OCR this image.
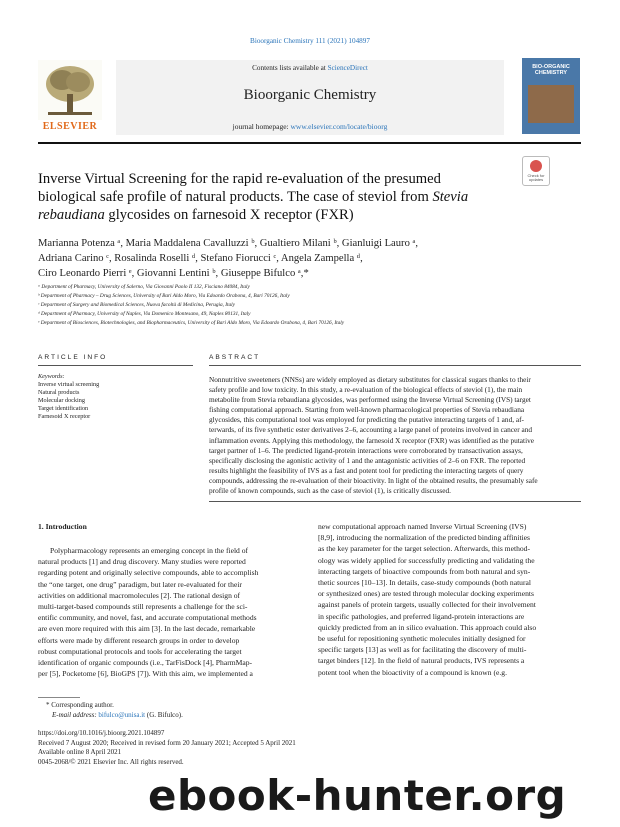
Bioorganic Chemistry 111 (2021) 104897
ELSEVIER
Contents lists available at ScienceDirect
Bioorganic Chemistry
journal homepage: www.elsevier.com/locate/bioorg
BIO-ORGANIC CHEMISTRY
Check for updates
Inverse Virtual Screening for the rapid re-evaluation of the presumed
biological safe profile of natural products. The case of steviol from Stevia
rebaudiana glycosides on farnesoid X receptor (FXR)
Marianna Potenza ᵃ, Maria Maddalena Cavalluzzi ᵇ, Gualtiero Milani ᵇ, Gianluigi Lauro ᵃ,
Adriana Carino ᶜ, Rosalinda Roselli ᵈ, Stefano Fiorucci ᶜ, Angela Zampella ᵈ,
Ciro Leonardo Pierri ᵉ, Giovanni Lentini ᵇ, Giuseppe Bifulco ᵃ,*
ᵃ Department of Pharmacy, University of Salerno, Via Giovanni Paolo II 132, Fisciano 84084, Italy
ᵇ Department of Pharmacy – Drug Sciences, University of Bari Aldo Moro, Via Edoardo Orabona, 4, Bari 70126, Italy
ᶜ Department of Surgery and Biomedical Sciences, Nuova facoltà di Medicina, Perugia, Italy
ᵈ Department of Pharmacy, University of Naples, Via Domenico Montesano, 49, Naples 80131, Italy
ᵉ Department of Biosciences, Biotechnologies, and Biopharmaceutics, University of Bari Aldo Moro, Via Edoardo Orabona, 4, Bari 70126, Italy
ARTICLE INFO	ABSTRACT
Keywords:
Inverse virtual screening
Natural products
Molecular docking
Target identification
Farnesoid X receptor
Nonnutritive sweeteners (NNSs) are widely employed as dietary substitutes for classical sugars thanks to their
safety profile and low toxicity. In this study, a re-evaluation of the biological effects of steviol (1), the main
metabolite from Stevia rebaudiana glycosides, was performed using the Inverse Virtual Screening (IVS) target
fishing computational approach. Starting from well-known pharmacological properties of Stevia rebaudiana
glycosides, this computational tool was employed for predicting the putative interacting targets of 1 and, af-
terwards, of its five synthetic ester derivatives 2–6, accounting a large panel of proteins involved in cancer and
inflammation events. Applying this methodology, the farnesoid X receptor (FXR) was identified as the putative
target partner of 1–6. The predicted ligand-protein interactions were corroborated by transactivation assays,
specifically disclosing the agonistic activity of 1 and the antagonistic activities of 2–6 on FXR. The reported
results highlight the feasibility of IVS as a fast and potent tool for predicting the interacting targets of query
compounds, addressing the re-evaluation of their bioactivity. In light of the obtained results, the presumably safe
profile of known compounds, such as the case of steviol (1), is critically discussed.
1. Introduction
Polypharmacology represents an emerging concept in the field of
natural products [1] and drug discovery. Many studies were reported
regarding potent and originally selective compounds, able to accomplish
the “one target, one drug” paradigm, but later re-evaluated for their
activities on additional macromolecules [2]. The rational design of
multi-target-based compounds still represents a challenge for the sci-
entific community, and novel, fast, and accurate computational methods
are even more required with this aim [3]. In the last decade, remarkable
efforts were made by different research groups in order to develop
robust computational protocols and tools for accelerating the target
identification of organic compounds (i.e., TarFisDock [4], PharmMap-
per [5], Pocketome [6], BioGPS [7]). With this aim, we implemented a
new computational approach named Inverse Virtual Screening (IVS)
[8,9], introducing the normalization of the predicted binding affinities
as the key parameter for the target selection. Afterwards, this method-
ology was widely applied for successfully predicting and validating the
interacting targets of bioactive compounds from both natural and syn-
thetic sources [10–13]. In details, case-study compounds (both natural
or synthesized ones) are tested through molecular docking experiments
against panels of protein targets, usually collected for their involvement
in specific pathologies, and preferred ligand-protein interactions are
quickly predicted from an in silico evaluation. This approach could also
be useful for repositioning synthetic molecules initially designed for
specific targets [13] as well as for facilitating the discovery of multi-
target binders [12]. In the field of natural products, IVS represents a
potent tool when the bioactivity of a compound is known (e.g.
* Corresponding author.
E-mail address: bifulco@unisa.it (G. Bifulco).
https://doi.org/10.1016/j.bioorg.2021.104897
Received 7 August 2020; Received in revised form 20 January 2021; Accepted 5 April 2021
Available online 8 April 2021
0045-2068/© 2021 Elsevier Inc. All rights reserved.
ebook-hunter.org
